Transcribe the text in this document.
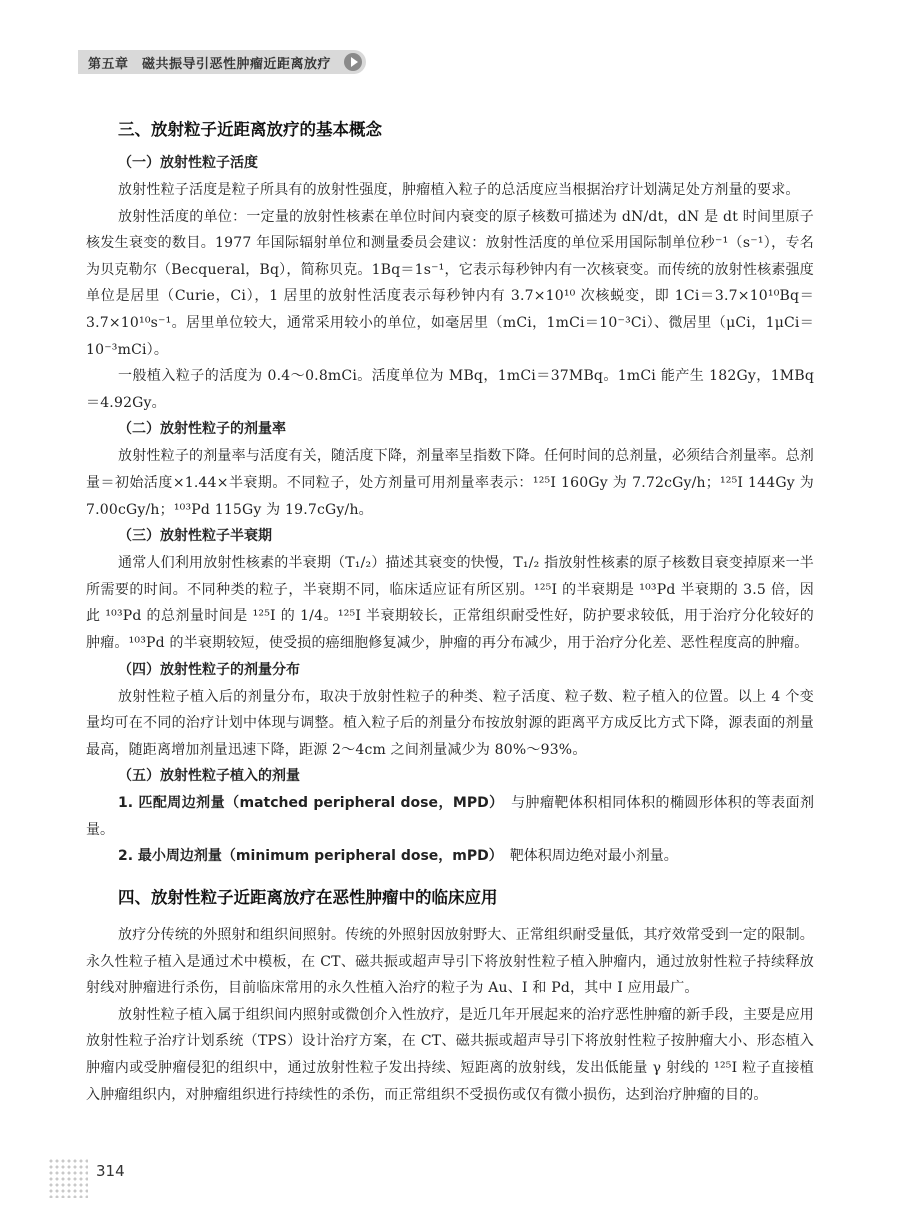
第五章　磁共振导引恶性肿瘤近距离放疗
三、放射粒子近距离放疗的基本概念
（一）放射性粒子活度

放射性粒子活度是粒子所具有的放射性强度，肿瘤植入粒子的总活度应当根据治疗计划满足处方剂量的要求。

放射性活度的单位：一定量的放射性核素在单位时间内衰变的原子核数可描述为 dN/dt，dN 是 dt 时间里原子核发生衰变的数目。1977 年国际辐射单位和测量委员会建议：放射性活度的单位采用国际制单位秒⁻¹（s⁻¹），专名为贝克勒尔（Becqueral，Bq），简称贝克。1Bq＝1s⁻¹，它表示每秒钟内有一次核衰变。而传统的放射性核素强度单位是居里（Curie，Ci），1 居里的放射性活度表示每秒钟内有 3.7×10¹⁰ 次核蜕变，即 1Ci＝3.7×10¹⁰Bq＝3.7×10¹⁰s⁻¹。居里单位较大，通常采用较小的单位，如毫居里（mCi，1mCi＝10⁻³Ci）、微居里（μCi，1μCi＝10⁻³mCi）。

一般植入粒子的活度为 0.4～0.8mCi。活度单位为 MBq，1mCi＝37MBq。1mCi 能产生 182Gy，1MBq＝4.92Gy。

（二）放射性粒子的剂量率

放射性粒子的剂量率与活度有关，随活度下降，剂量率呈指数下降。任何时间的总剂量，必须结合剂量率。总剂量＝初始活度×1.44×半衰期。不同粒子，处方剂量可用剂量率表示：¹²⁵I 160Gy 为 7.72cGy/h；¹²⁵I 144Gy 为 7.00cGy/h；¹⁰³Pd 115Gy 为 19.7cGy/h。

（三）放射性粒子半衰期

通常人们利用放射性核素的半衰期（T₁/₂）描述其衰变的快慢，T₁/₂ 指放射性核素的原子核数目衰变掉原来一半所需要的时间。不同种类的粒子，半衰期不同，临床适应证有所区别。¹²⁵I 的半衰期是 ¹⁰³Pd 半衰期的 3.5 倍，因此 ¹⁰³Pd 的总剂量时间是 ¹²⁵I 的 1/4。¹²⁵I 半衰期较长，正常组织耐受性好，防护要求较低，用于治疗分化较好的肿瘤。¹⁰³Pd 的半衰期较短，使受损的癌细胞修复减少，肿瘤的再分布减少，用于治疗分化差、恶性程度高的肿瘤。

（四）放射性粒子的剂量分布

放射性粒子植入后的剂量分布，取决于放射性粒子的种类、粒子活度、粒子数、粒子植入的位置。以上 4 个变量均可在不同的治疗计划中体现与调整。植入粒子后的剂量分布按放射源的距离平方成反比方式下降，源表面的剂量最高，随距离增加剂量迅速下降，距源 2～4cm 之间剂量减少为 80%～93%。

（五）放射性粒子植入的剂量

1. 匹配周边剂量（matched peripheral dose，MPD）　 与肿瘤靶体积相同体积的椭圆形体积的等表面剂量。

2. 最小周边剂量（minimum peripheral dose，mPD）　 靶体积周边绝对最小剂量。

四、放射性粒子近距离放疗在恶性肿瘤中的临床应用

放疗分传统的外照射和组织间照射。传统的外照射因放射野大、正常组织耐受量低，其疗效常受到一定的限制。永久性粒子植入是通过术中模板，在 CT、磁共振或超声导引下将放射性粒子植入肿瘤内，通过放射性粒子持续释放射线对肿瘤进行杀伤，目前临床常用的永久性植入治疗的粒子为 Au、I 和 Pd，其中 I 应用最广。

放射性粒子植入属于组织间内照射或微创介入性放疗，是近几年开展起来的治疗恶性肿瘤的新手段，主要是应用放射性粒子治疗计划系统（TPS）设计治疗方案，在 CT、磁共振或超声导引下将放射性粒子按肿瘤大小、形态植入肿瘤内或受肿瘤侵犯的组织中，通过放射性粒子发出持续、短距离的放射线，发出低能量 γ 射线的 ¹²⁵I 粒子直接植入肿瘤组织内，对肿瘤组织进行持续性的杀伤，而正常组织不受损伤或仅有微小损伤，达到治疗肿瘤的目的。

314
